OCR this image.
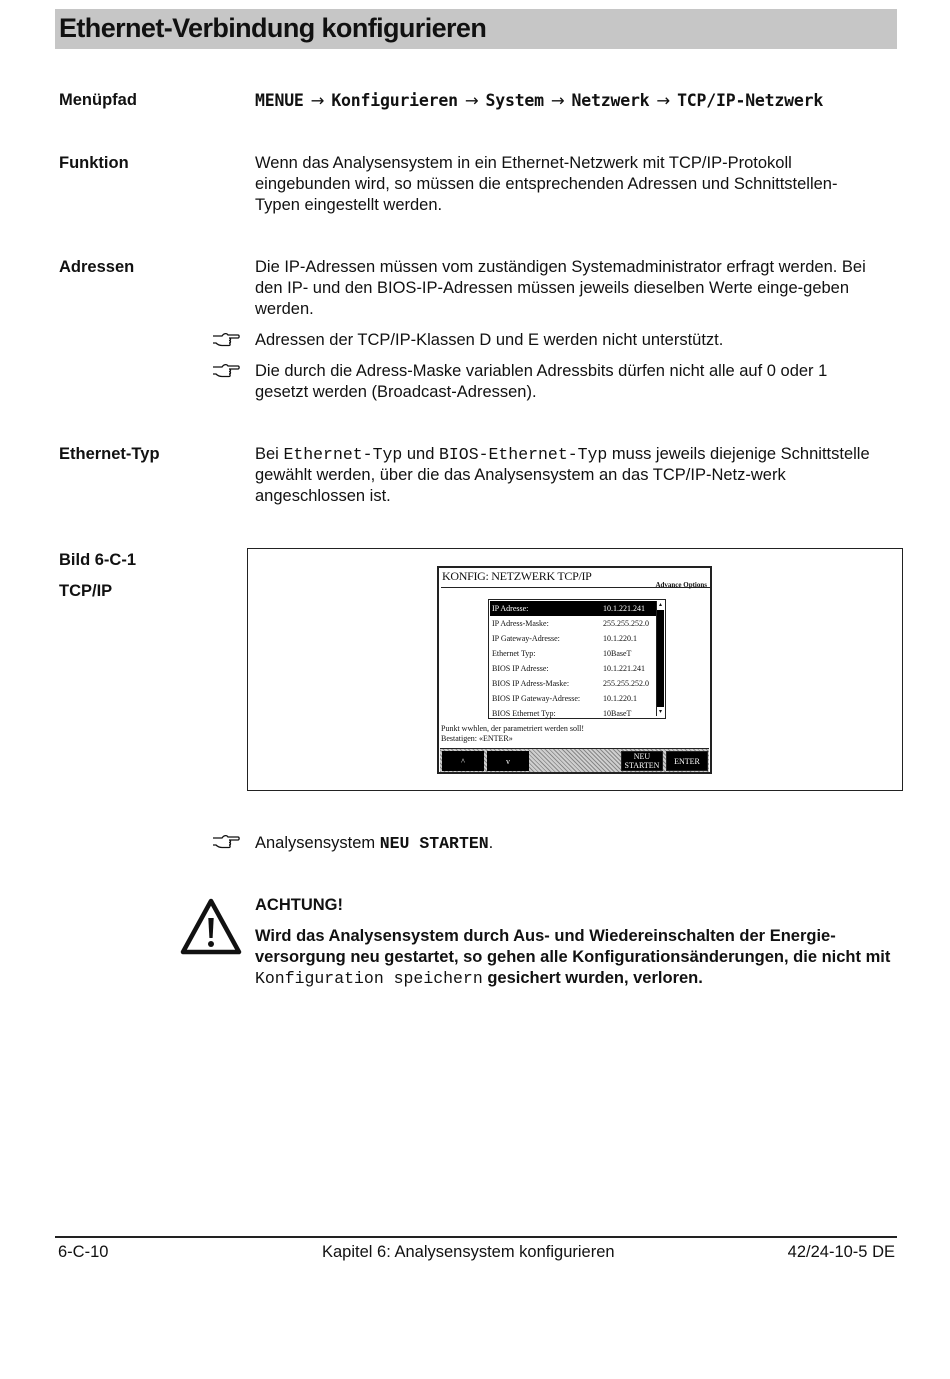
Ethernet-Verbindung konfigurieren
Menüpfad	MENUE → Konfigurieren → System → Netzwerk → TCP/IP-Netzwerk
Funktion	Wenn das Analysensystem in ein Ethernet-Netzwerk mit TCP/IP-Protokoll eingebunden wird, so müssen die entsprechenden Adressen und Schnittstellen-Typen eingestellt werden.
Adressen	Die IP-Adressen müssen vom zuständigen Systemadministrator erfragt werden. Bei den IP- und den BIOS-IP-Adressen müssen jeweils dieselben Werte einge-geben werden.
Adressen der TCP/IP-Klassen D und E werden nicht unterstützt.
Die durch die Adress-Maske variablen Adressbits dürfen nicht alle auf 0 oder 1 gesetzt werden (Broadcast-Adressen).
Ethernet-Typ	Bei Ethernet-Typ und BIOS-Ethernet-Typ muss jeweils diejenige Schnittstelle gewählt werden, über die das Analysensystem an das TCP/IP-Netz-werk angeschlossen ist.
Bild 6-C-1
TCP/IP
KONFIG: NETZWERK TCP/IP
Advance Options
IP Adresse:	10.1.221.241
IP Adress-Maske:	255.255.252.0
IP Gateway-Adresse:	10.1.220.1
Ethernet Typ:	10BaseT
BIOS IP Adresse:	10.1.221.241
BIOS IP Adress-Maske:	255.255.252.0
BIOS IP Gateway-Adresse:	10.1.220.1
BIOS Ethernet Typ:	10BaseT
▴
▾
Punkt wwhlen, der parametriert werden soll!
Bestatigen: «ENTER»
^	v	NEU STARTEN	ENTER
Analysensystem NEU STARTEN.
ACHTUNG!
Wird das Analysensystem durch Aus- und Wiedereinschalten der Energie-versorgung neu gestartet, so gehen alle Konfigurationsänderungen, die nicht mit Konfiguration speichern gesichert wurden, verloren.
6-C-10	Kapitel 6: Analysensystem konfigurieren	42/24-10-5 DE
